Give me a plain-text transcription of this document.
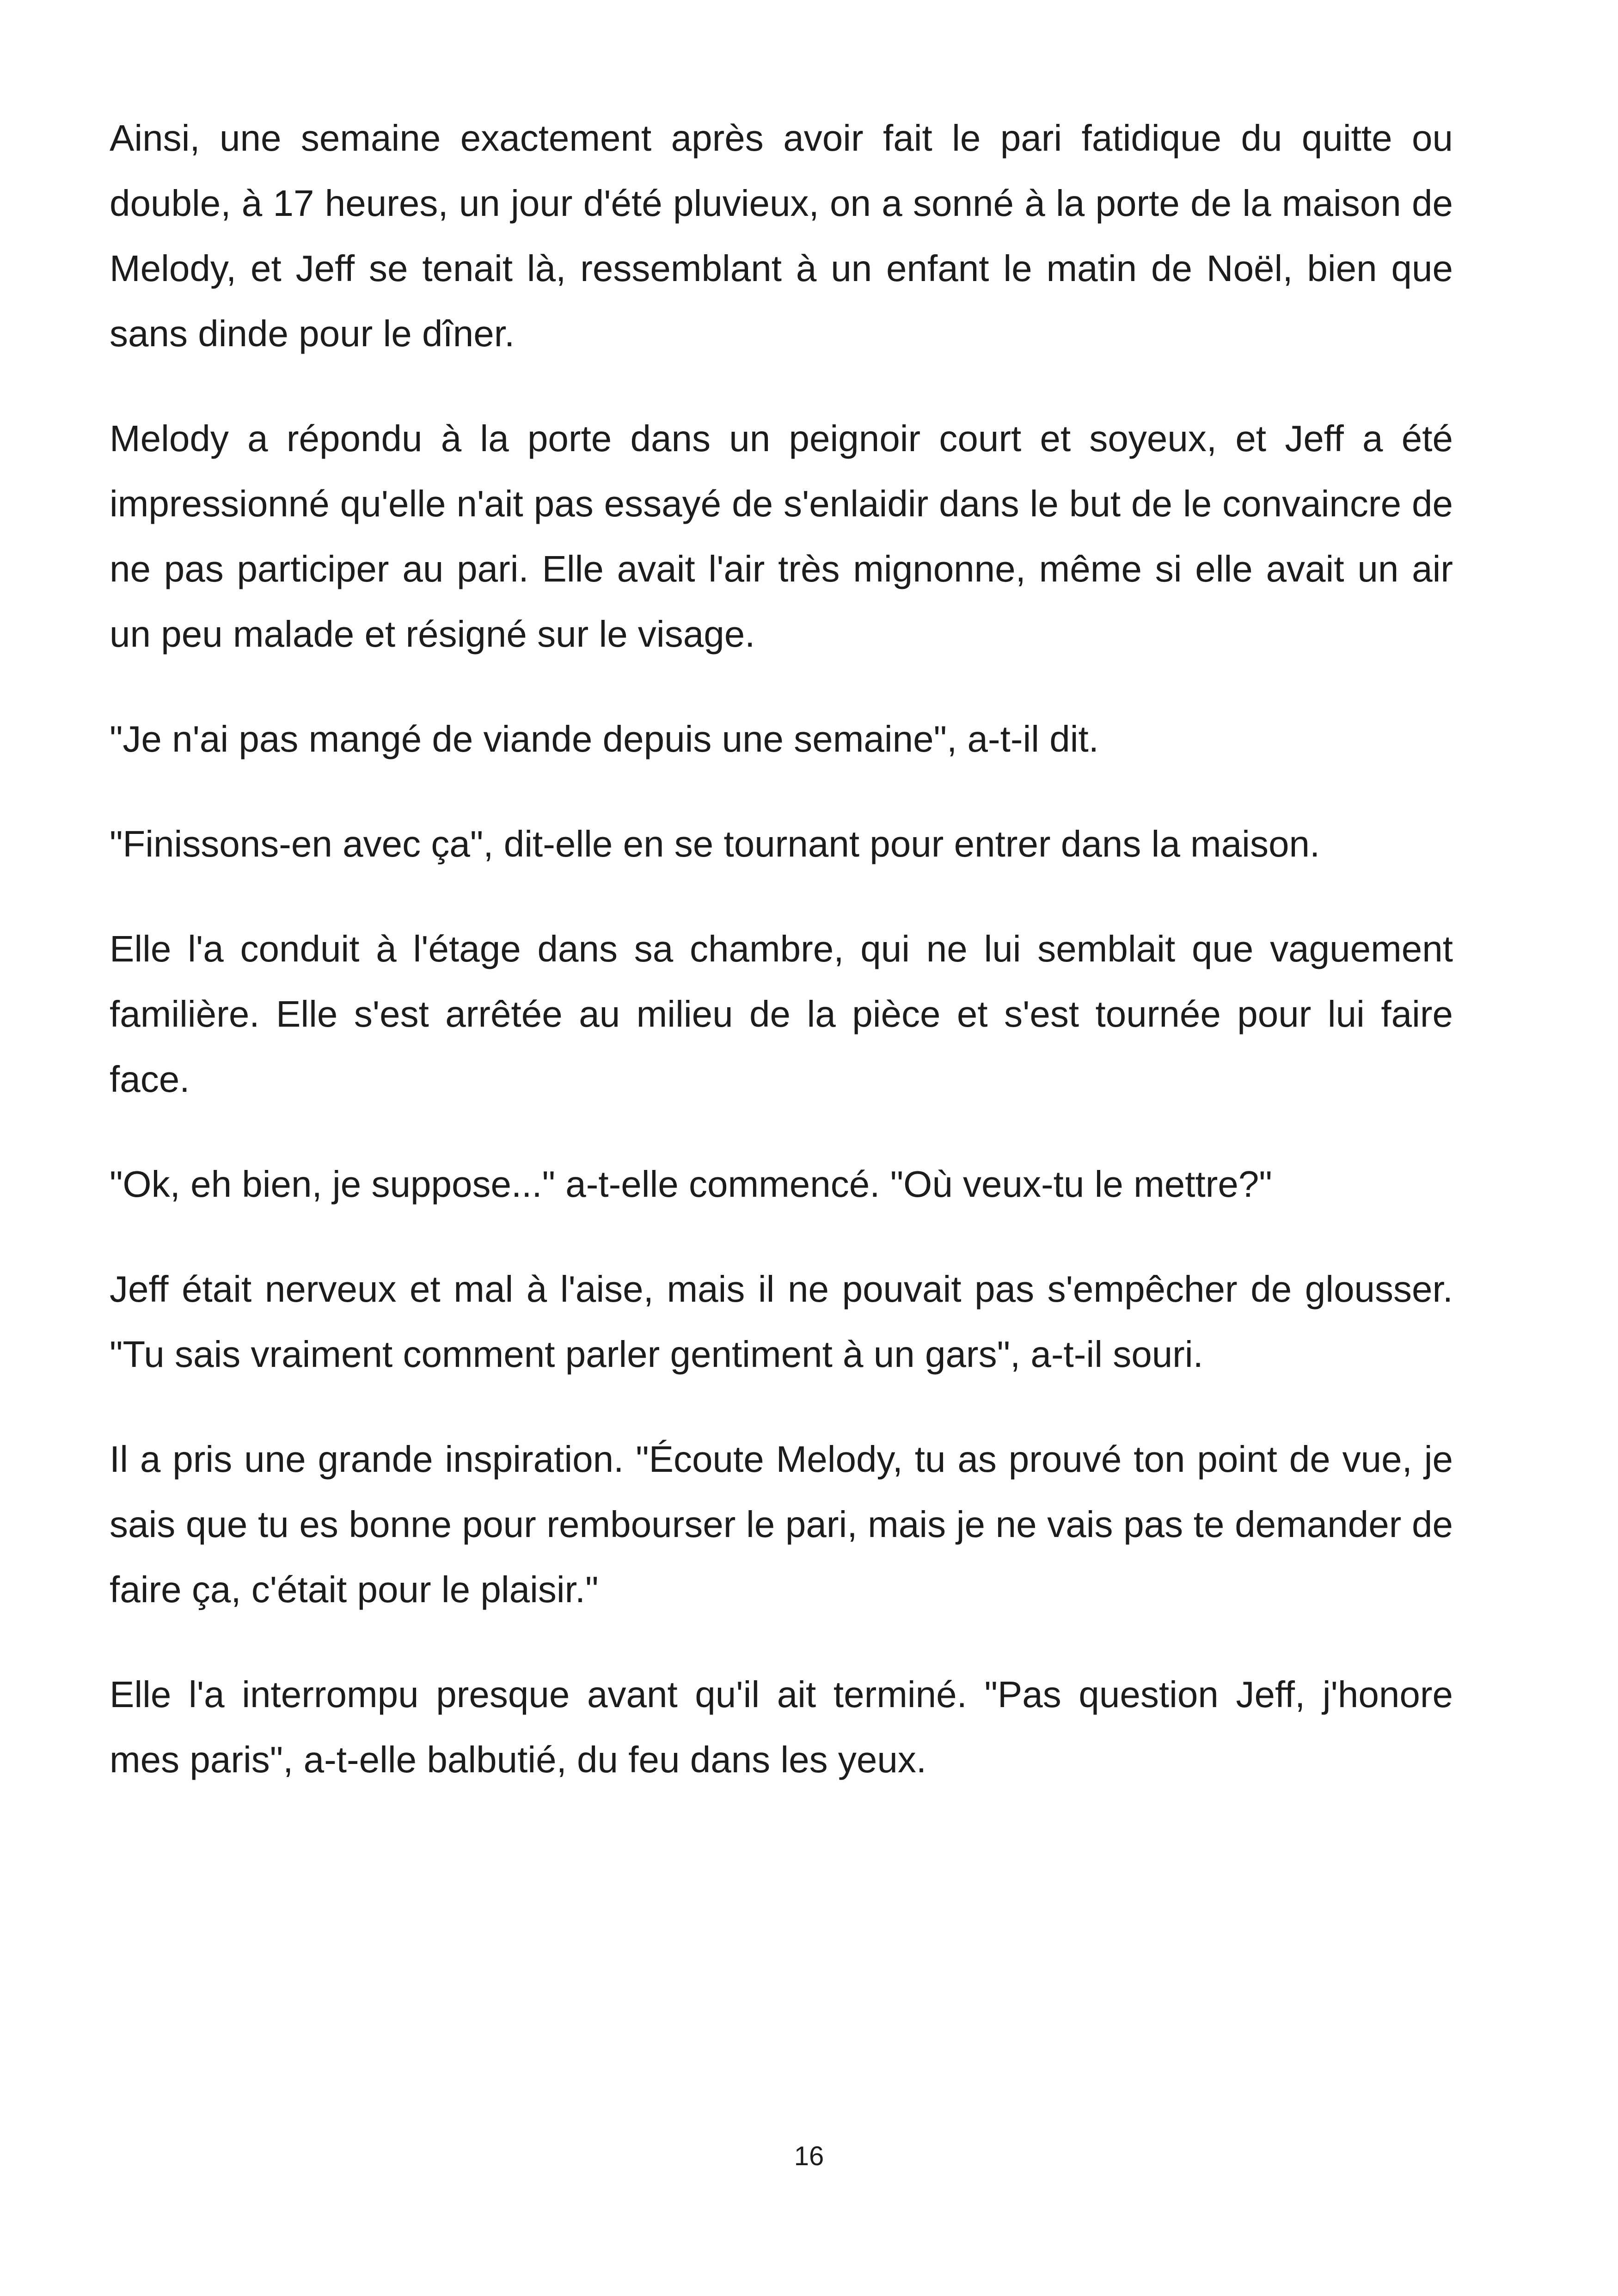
Ainsi, une semaine exactement après avoir fait le pari fatidique du quitte ou double, à 17 heures, un jour d'été pluvieux, on a sonné à la porte de la maison de Melody, et Jeff se tenait là, ressemblant à un enfant le matin de Noël, bien que sans dinde pour le dîner.

Melody a répondu à la porte dans un peignoir court et soyeux, et Jeff a été impressionné qu'elle n'ait pas essayé de s'enlaidir dans le but de le convaincre de ne pas participer au pari. Elle avait l'air très mignonne, même si elle avait un air un peu malade et résigné sur le visage.

"Je n'ai pas mangé de viande depuis une semaine", a-t-il dit.

"Finissons-en avec ça", dit-elle en se tournant pour entrer dans la maison.

Elle l'a conduit à l'étage dans sa chambre, qui ne lui semblait que vaguement familière. Elle s'est arrêtée au milieu de la pièce et s'est tournée pour lui faire face.

"Ok, eh bien, je suppose..." a-t-elle commencé. "Où veux-tu le mettre?"

Jeff était nerveux et mal à l'aise, mais il ne pouvait pas s'empêcher de glousser. "Tu sais vraiment comment parler gentiment à un gars", a-t-il souri.

Il a pris une grande inspiration. "Écoute Melody, tu as prouvé ton point de vue, je sais que tu es bonne pour rembourser le pari, mais je ne vais pas te demander de faire ça, c'était pour le plaisir."

Elle l'a interrompu presque avant qu'il ait terminé. "Pas question Jeff, j'honore mes paris", a-t-elle balbutié, du feu dans les yeux.

16
